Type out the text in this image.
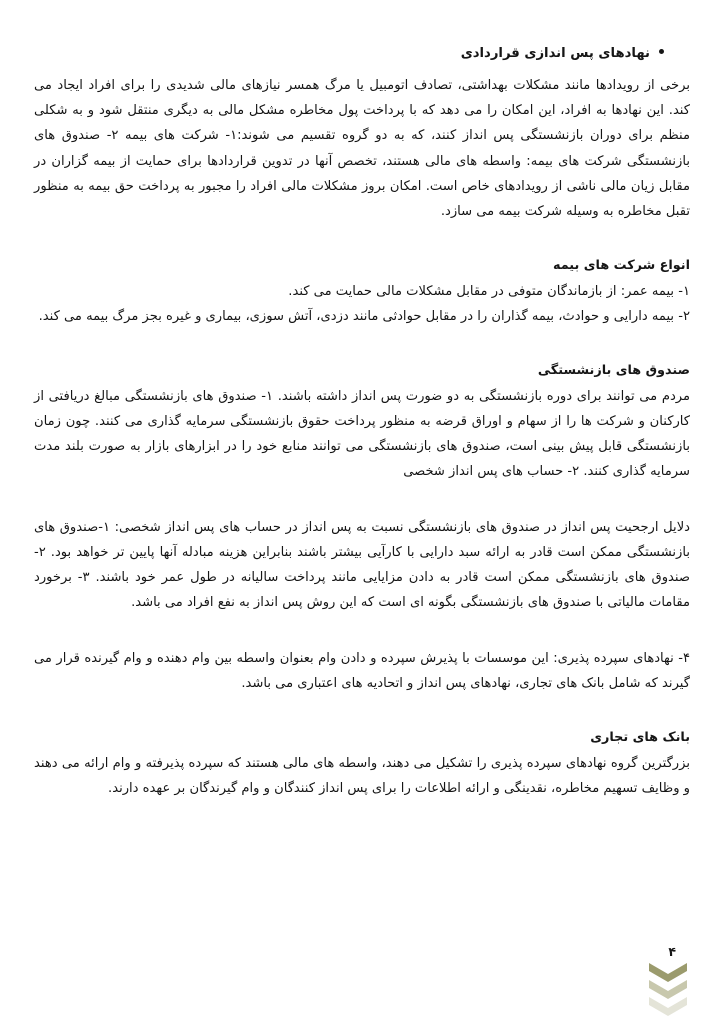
نهادهای پس اندازی قراردادی

برخی از رویدادها مانند مشکلات بهداشتی، تصادف اتومبیل یا مرگ همسر نیازهای مالی شدیدی را برای افراد ایجاد می کند. این نهادها به افراد، این امکان را می دهد که با پرداخت پول مخاطره مشکل مالی به دیگری منتقل شود و به شکلی منظم برای دوران بازنشستگی پس انداز کنند، که به دو گروه تقسیم می شوند:۱- شرکت های بیمه ۲- صندوق های بازنشستگی شرکت های بیمه: واسطه های مالی هستند، تخصص آنها در تدوین قراردادها برای حمایت از بیمه گزاران در مقابل زیان مالی ناشی از رویدادهای خاص است. امکان بروز مشکلات مالی افراد را مجبور به پرداخت حق بیمه به منظور تقبل مخاطره به وسیله شرکت بیمه می سازد.

انواع شرکت های بیمه

۱- بیمه عمر: از بازماندگان متوفی در مقابل مشکلات مالی حمایت می کند.

۲- بیمه دارایی و حوادث، بیمه گذاران را در مقابل حوادثی مانند دزدی، آتش سوزی، بیماری و غیره بجز مرگ بیمه می کند.

صندوق های بازنشستگی

مردم می توانند برای دوره بازنشستگی به دو ضورت پس انداز داشته باشند. ۱- صندوق های بازنشستگی مبالغ دریافتی از کارکنان و شرکت ها را از سهام و اوراق قرضه به منظور پرداخت حقوق بازنشستگی سرمایه گذاری می کنند. چون زمان بازنشستگی قابل پیش بینی است، صندوق های بازنشستگی می توانند منابع خود را در ابزارهای بازار به صورت بلند مدت سرمایه گذاری کنند. ۲- حساب های پس انداز شخصی

دلایل ارجحیت پس انداز در صندوق های بازنشستگی نسبت به پس انداز در حساب های پس انداز شخصی: ۱-صندوق های بازنشستگی ممکن است قادر به ارائه سبد دارایی با کارآیی بیشتر باشند بنابراین هزینه مبادله آنها پایین تر خواهد بود. ۲- صندوق های بازنشستگی ممکن است قادر به دادن مزایایی مانند پرداخت سالیانه در طول عمر خود باشند. ۳- برخورد مقامات مالیاتی با صندوق های بازنشستگی بگونه ای است که این روش پس انداز به نفع افراد می باشد.

۴- نهادهای سپرده پذیری: این موسسات با پذیرش سپرده و دادن وام بعنوان واسطه بین وام دهنده و وام گیرنده قرار می گیرند که شامل بانک های تجاری، نهادهای پس انداز و اتحادیه های اعتباری می باشد.

بانک های تجاری

بزرگترین گروه نهادهای سپرده پذیری را تشکیل می دهند، واسطه های مالی هستند که سپرده پذیرفته و وام ارائه می دهند و وظایف تسهیم مخاطره، نقدینگی و ارائه اطلاعات را برای پس انداز کنندگان و وام گیرندگان بر عهده دارند.

۴
